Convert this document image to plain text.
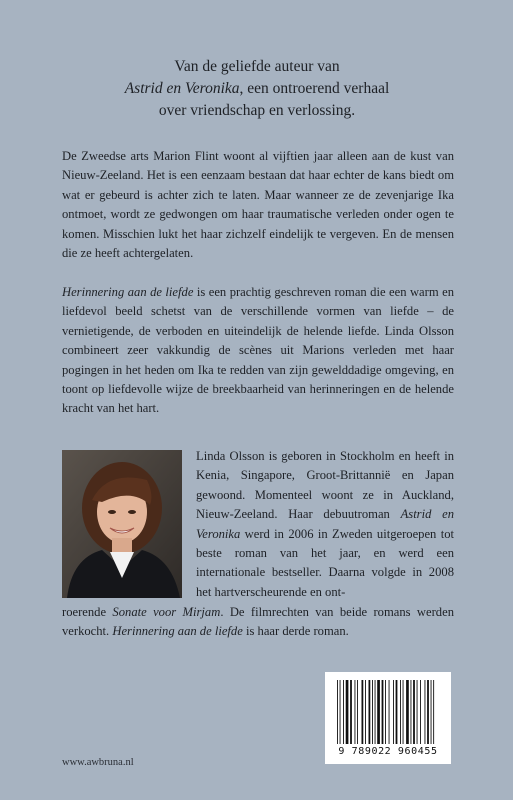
Van de geliefde auteur van
Astrid en Veronika, een ontroerend verhaal
over vriendschap en verlossing.

De Zweedse arts Marion Flint woont al vijftien jaar alleen aan de kust van Nieuw-Zeeland. Het is een eenzaam bestaan dat haar echter de kans biedt om wat er gebeurd is achter zich te laten. Maar wanneer ze de zevenjarige Ika ontmoet, wordt ze gedwongen om haar traumatische verleden onder ogen te komen. Misschien lukt het haar zichzelf eindelijk te vergeven. En de mensen die ze heeft achtergelaten.

Herinnering aan de liefde is een prachtig geschreven roman die een warm en liefdevol beeld schetst van de verschillende vormen van liefde – de vernietigende, de verboden en uiteindelijk de helende liefde. Linda Olsson combineert zeer vakkundig de scènes uit Marions verleden met haar pogingen in het heden om Ika te redden van zijn gewelddadige omgeving, en toont op liefdevolle wijze de breekbaarheid van herinneringen en de helende kracht van het hart.

Linda Olsson is geboren in Stockholm en heeft in Kenia, Singapore, Groot-Brittannië en Japan gewoond. Momenteel woont ze in Auckland, Nieuw-Zeeland. Haar debuutroman Astrid en Veronika werd in 2006 in Zweden uitgeroepen tot beste roman van het jaar, en werd een internationale bestseller. Daarna volgde in 2008 het hartverscheurende en ont-

roerende Sonate voor Mirjam. De filmrechten van beide romans werden verkocht. Herinnering aan de liefde is haar derde roman.

9 789022 960455
www.awbruna.nl
